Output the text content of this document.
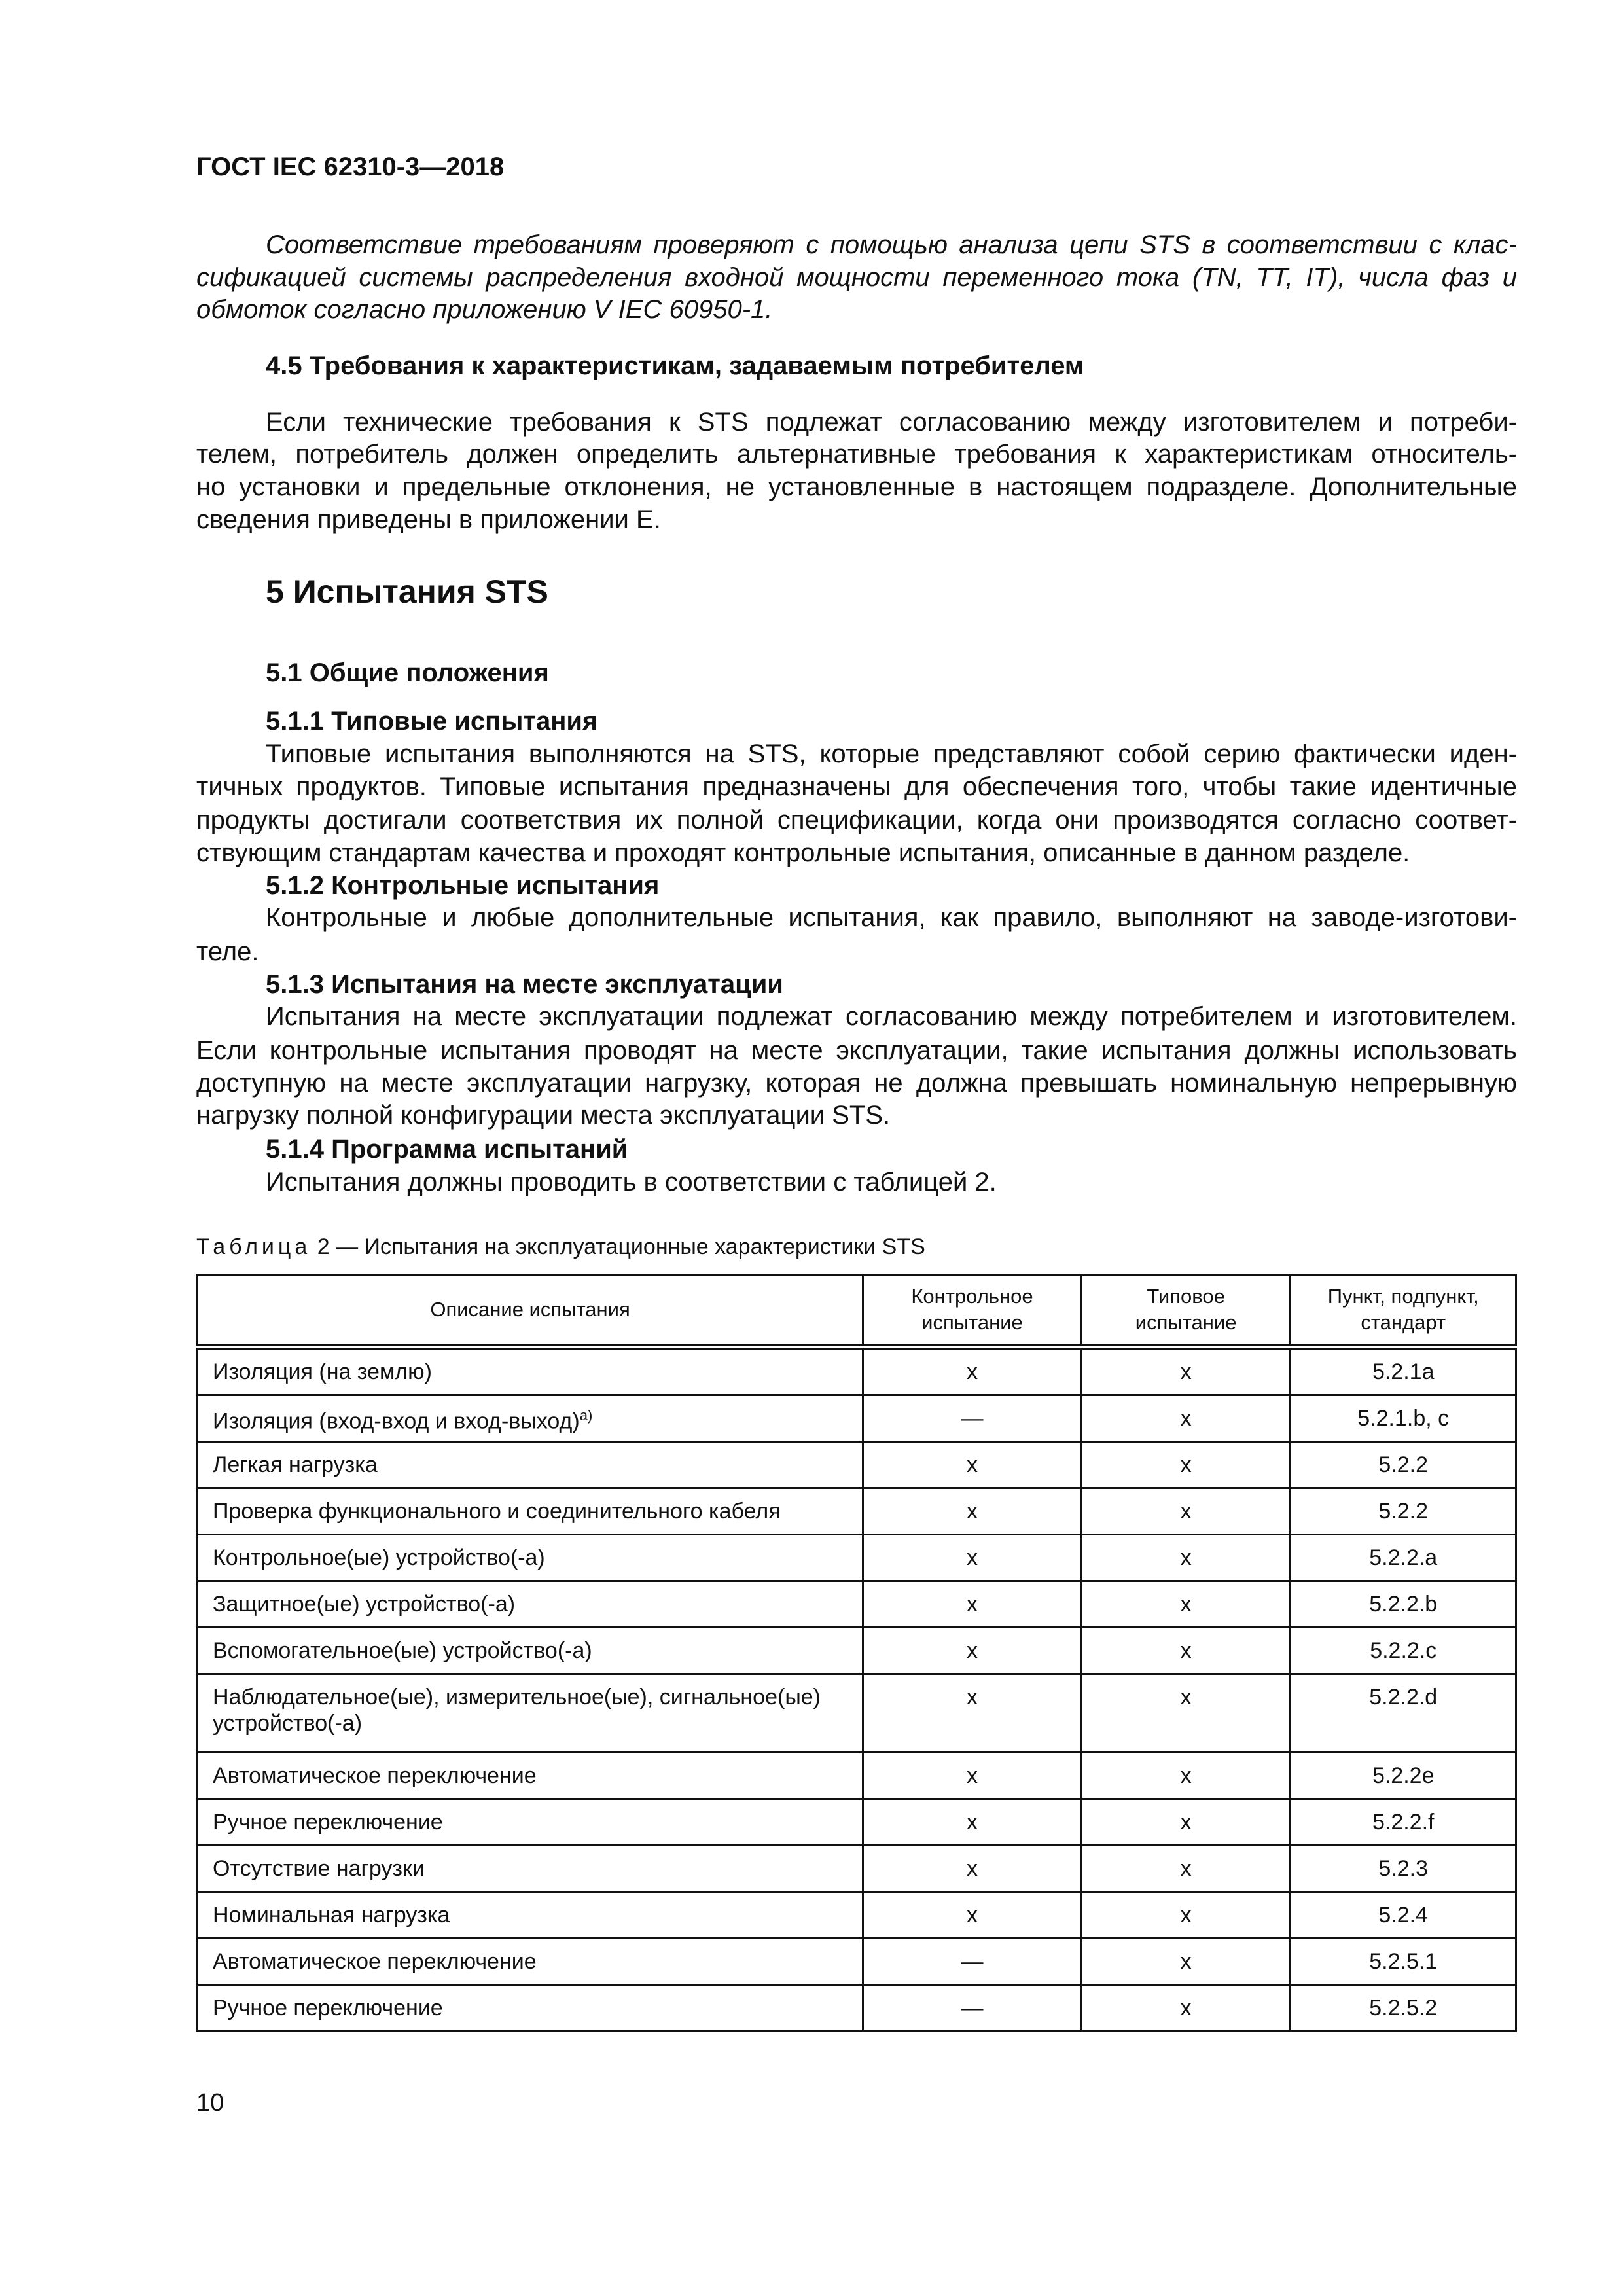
ГОСТ IEC 62310-3—2018
Соответствие требованиям проверяют с помощью анализа цепи STS в соответствии с клас-
сификацией системы распределения входной мощности переменного тока (TN, TT, IT), числа фаз и
обмоток согласно приложению V IEC 60950-1.
4.5 Требования к характеристикам, задаваемым потребителем
Если технические требования к STS подлежат согласованию между изготовителем и потреби-
телем, потребитель должен определить альтернативные требования к характеристикам относитель-
но установки и предельные отклонения, не установленные в настоящем подразделе. Дополнительные
сведения приведены в приложении Е.
5 Испытания STS
5.1 Общие положения
5.1.1 Типовые испытания
Типовые испытания выполняются на STS, которые представляют собой серию фактически иден-
тичных продуктов. Типовые испытания предназначены для обеспечения того, чтобы такие идентичные
продукты достигали соответствия их полной спецификации, когда они производятся согласно соответ-
ствующим стандартам качества и проходят контрольные испытания, описанные в данном разделе.
5.1.2 Контрольные испытания
Контрольные и любые дополнительные испытания, как правило, выполняют на заводе-изготови-
теле.
5.1.3 Испытания на месте эксплуатации
Испытания на месте эксплуатации подлежат согласованию между потребителем и изготовителем.
Если контрольные испытания проводят на месте эксплуатации, такие испытания должны использовать
доступную на месте эксплуатации нагрузку, которая не должна превышать номинальную непрерывную
нагрузку полной конфигурации места эксплуатации STS.
5.1.4 Программа испытаний
Испытания должны проводить в соответствии с таблицей 2.
Таблица 2 — Испытания на эксплуатационные характеристики STS
Описание испытания	Контрольное испытание	Типовое испытание	Пункт, подпункт, стандарт
Изоляция (на землю)	x	x	5.2.1a
Изоляция (вход-вход и вход-выход)$^{а)}$	—	x	5.2.1.b, c
Легкая нагрузка	x	x	5.2.2
Проверка функционального и соединительного кабеля	x	x	5.2.2
Контрольное(ые) устройство(-а)	x	x	5.2.2.a
Защитное(ые) устройство(-а)	x	x	5.2.2.b
Вспомогательное(ые) устройство(-а)	x	x	5.2.2.c
Наблюдательное(ые), измерительное(ые), сигнальное(ые) устройство(-а)	x	x	5.2.2.d
Автоматическое переключение	x	x	5.2.2e
Ручное переключение	x	x	5.2.2.f
Отсутствие нагрузки	x	x	5.2.3
Номинальная нагрузка	x	x	5.2.4
Автоматическое переключение	—	x	5.2.5.1
Ручное переключение	—	x	5.2.5.2
10
